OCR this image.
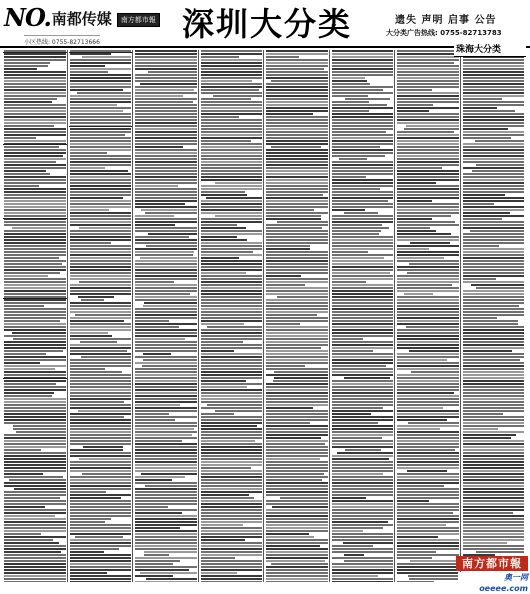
NO. 南都传媒	南方都市報
小区热线: 0755-82713666	深圳大分类	遗失 声明 启事 公告
大分类广告热线: 0755-82713783
珠海大分类
南方都市報
奥一网 oeeee.com
